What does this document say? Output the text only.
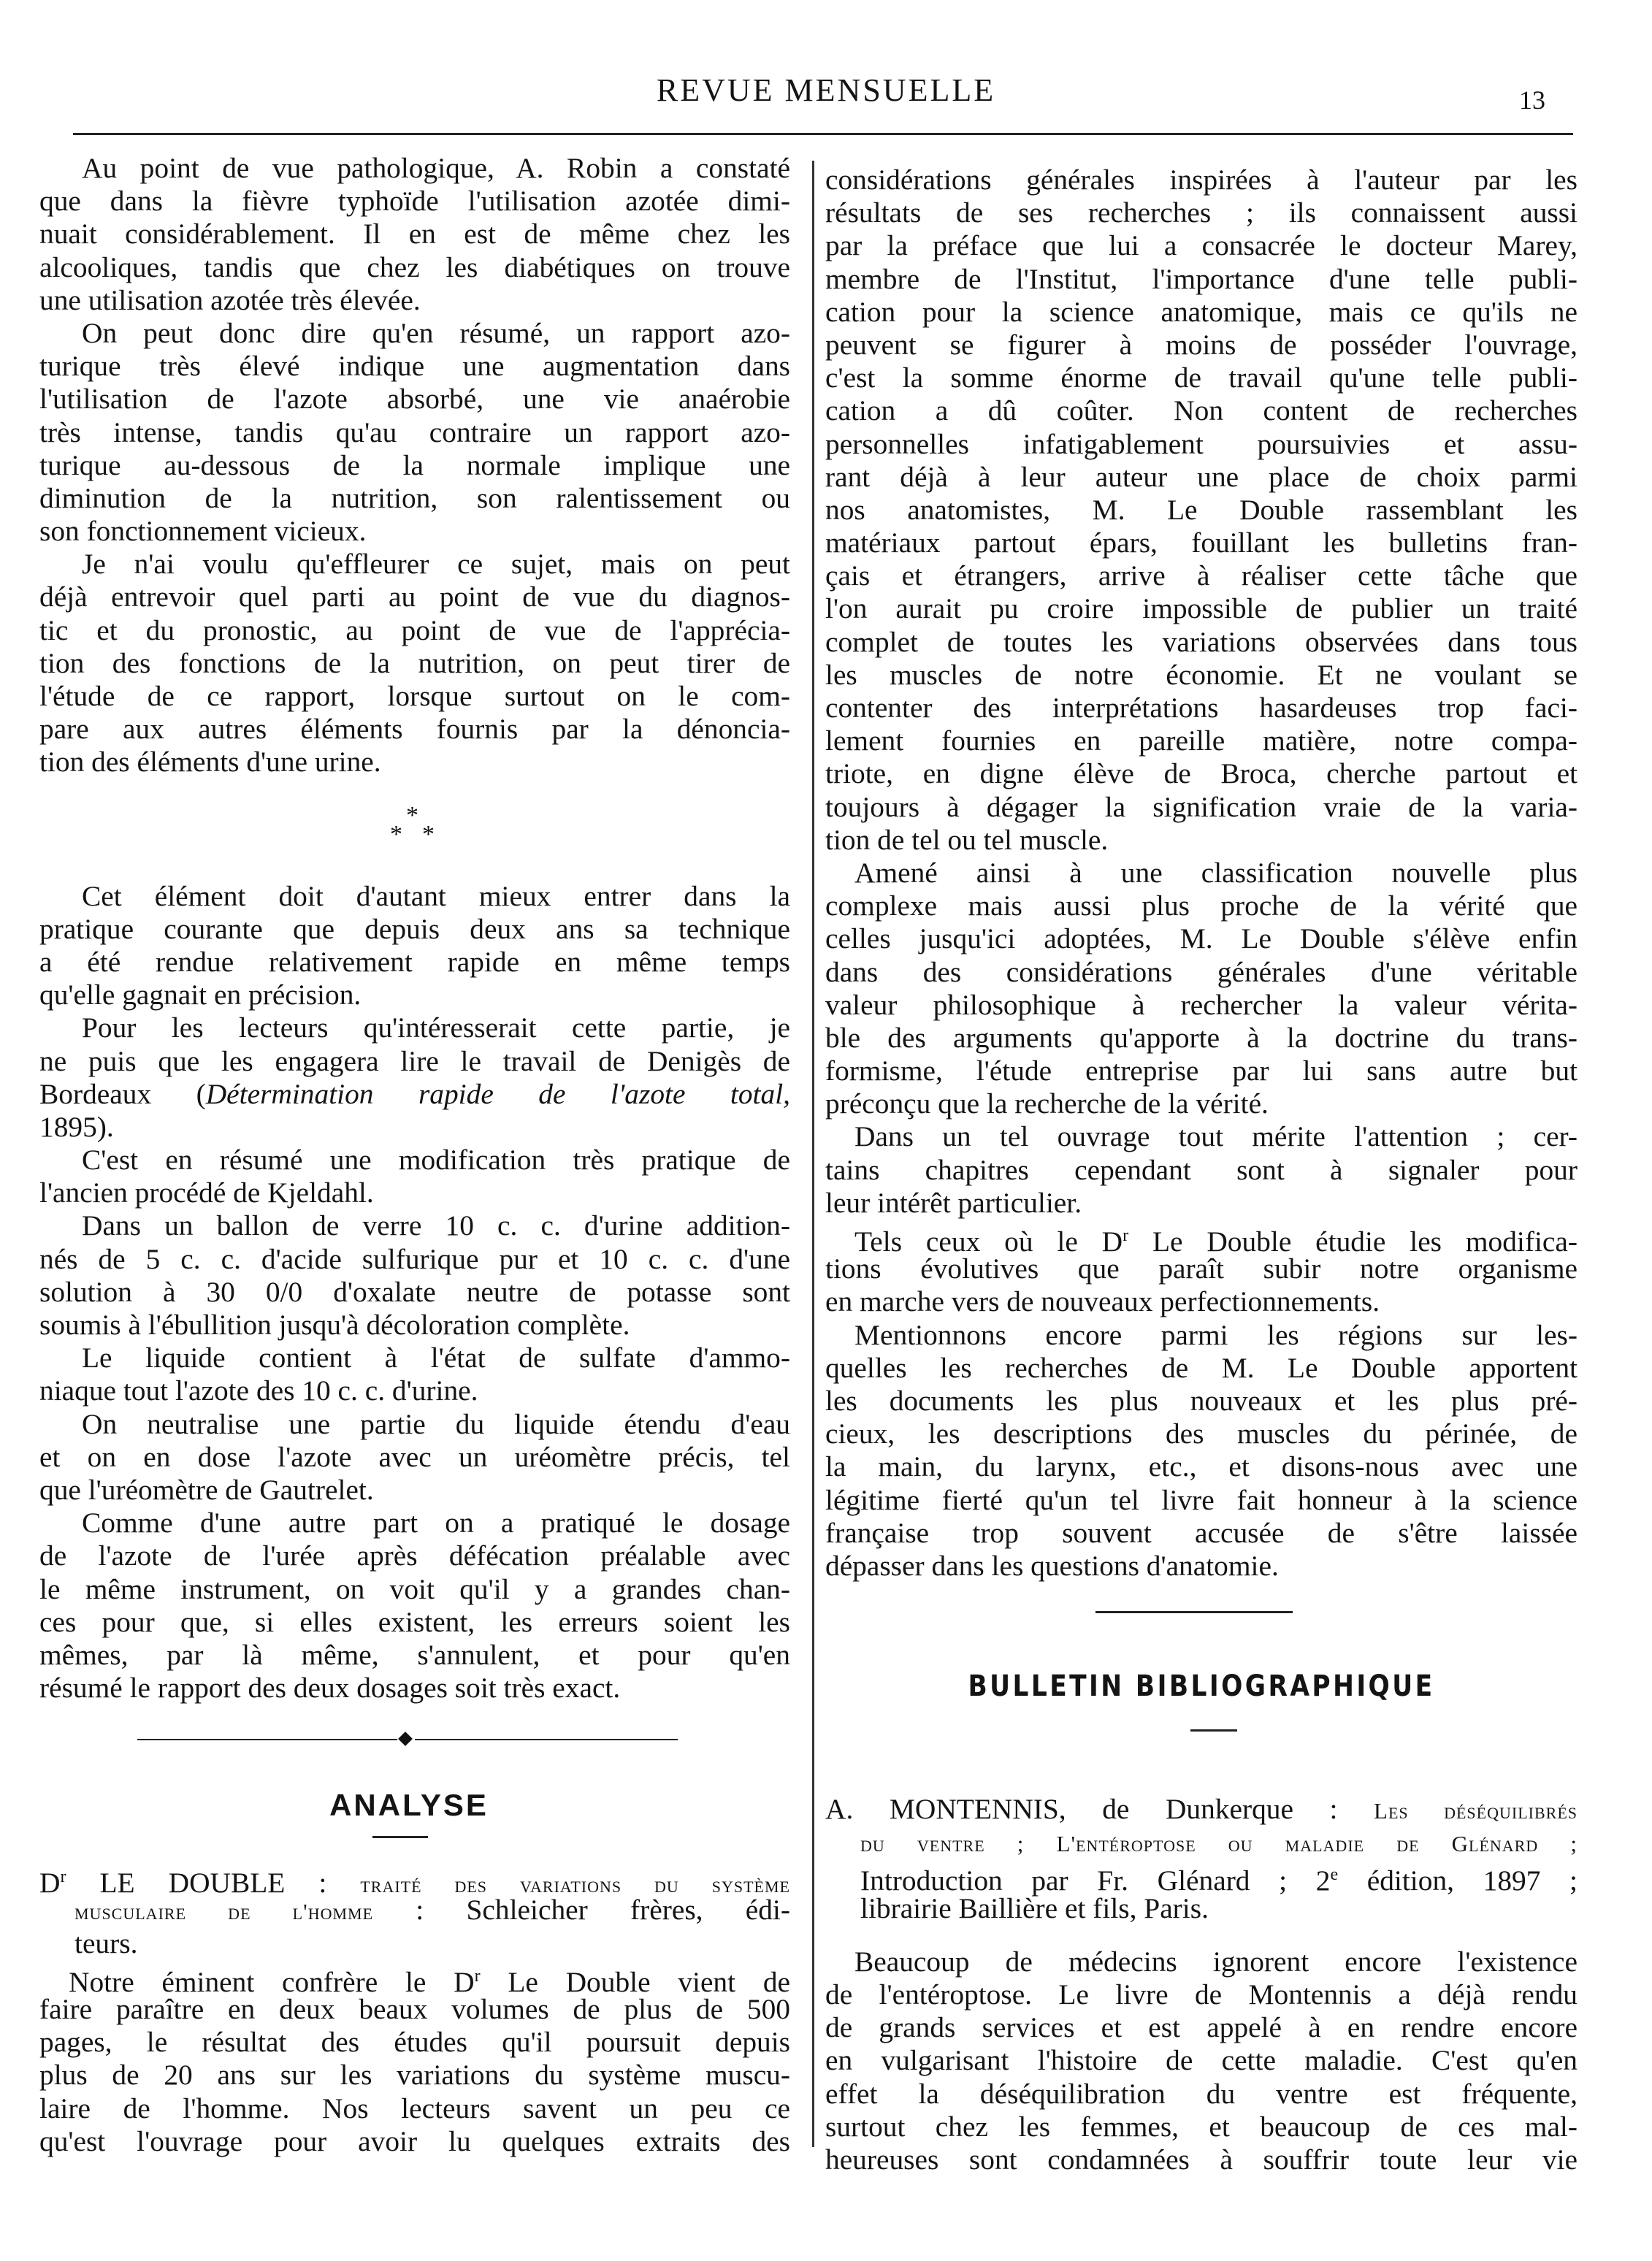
REVUE MENSUELLE	13
Au point de vue pathologique, A. Robin a constaté
que dans la fièvre typhoïde l'utilisation azotée dimi-
nuait considérablement. Il en est de même chez les
alcooliques, tandis que chez les diabétiques on trouve
une utilisation azotée très élevée.
On peut donc dire qu'en résumé, un rapport azo-
turique très élevé indique une augmentation dans
l'utilisation de l'azote absorbé, une vie anaérobie
très intense, tandis qu'au contraire un rapport azo-
turique au-dessous de la normale implique une
diminution de la nutrition, son ralentissement ou
son fonctionnement vicieux.
Je n'ai voulu qu'effleurer ce sujet, mais on peut
déjà entrevoir quel parti au point de vue du diagnos-
tic et du pronostic, au point de vue de l'apprécia-
tion des fonctions de la nutrition, on peut tirer de
l'étude de ce rapport, lorsque surtout on le com-
pare aux autres éléments fournis par la dénoncia-
tion des éléments d'une urine.
Cet élément doit d'autant mieux entrer dans la
pratique courante que depuis deux ans sa technique
a été rendue relativement rapide en même temps
qu'elle gagnait en précision.
Pour les lecteurs qu'intéresserait cette partie, je
ne puis que les engagera lire le travail de Denigès de
Bordeaux (Détermination rapide de l'azote total,
1895).
C'est en résumé une modification très pratique de
l'ancien procédé de Kjeldahl.
Dans un ballon de verre 10 c. c. d'urine addition-
nés de 5 c. c. d'acide sulfurique pur et 10 c. c. d'une
solution à 30 0/0 d'oxalate neutre de potasse sont
soumis à l'ébullition jusqu'à décoloration complète.
Le liquide contient à l'état de sulfate d'ammo-
niaque tout l'azote des 10 c. c. d'urine.
On neutralise une partie du liquide étendu d'eau
et on en dose l'azote avec un uréomètre précis, tel
que l'uréomètre de Gautrelet.
Comme d'une autre part on a pratiqué le dosage
de l'azote de l'urée après défécation préalable avec
le même instrument, on voit qu'il y a grandes chan-
ces pour que, si elles existent, les erreurs soient les
mêmes, par là même, s'annulent, et pour qu'en
résumé le rapport des deux dosages soit très exact.
$D^r$ LE DOUBLE : traité des variations du système
musculaire de l'homme : Schleicher frères, édi-
teurs.
Notre éminent confrère le $D^r$ Le Double vient de
faire paraître en deux beaux volumes de plus de 500
pages, le résultat des études qu'il poursuit depuis
plus de 20 ans sur les variations du système muscu-
laire de l'homme. Nos lecteurs savent un peu ce
qu'est l'ouvrage pour avoir lu quelques extraits des
*
* *
ANALYSE
considérations générales inspirées à l'auteur par les
résultats de ses recherches ; ils connaissent aussi
par la préface que lui a consacrée le docteur Marey,
membre de l'Institut, l'importance d'une telle publi-
cation pour la science anatomique, mais ce qu'ils ne
peuvent se figurer à moins de posséder l'ouvrage,
c'est la somme énorme de travail qu'une telle publi-
cation a dû coûter. Non content de recherches
personnelles infatigablement poursuivies et assu-
rant déjà à leur auteur une place de choix parmi
nos anatomistes, M. Le Double rassemblant les
matériaux partout épars, fouillant les bulletins fran-
çais et étrangers, arrive à réaliser cette tâche que
l'on aurait pu croire impossible de publier un traité
complet de toutes les variations observées dans tous
les muscles de notre économie. Et ne voulant se
contenter des interprétations hasardeuses trop faci-
lement fournies en pareille matière, notre compa-
triote, en digne élève de Broca, cherche partout et
toujours à dégager la signification vraie de la varia-
tion de tel ou tel muscle.
Amené ainsi à une classification nouvelle plus
complexe mais aussi plus proche de la vérité que
celles jusqu'ici adoptées, M. Le Double s'élève enfin
dans des considérations générales d'une véritable
valeur philosophique à rechercher la valeur vérita-
ble des arguments qu'apporte à la doctrine du trans-
formisme, l'étude entreprise par lui sans autre but
préconçu que la recherche de la vérité.
Dans un tel ouvrage tout mérite l'attention ; cer-
tains chapitres cependant sont à signaler pour
leur intérêt particulier.
Tels ceux où le $D^r$ Le Double étudie les modifica-
tions évolutives que paraît subir notre organisme
en marche vers de nouveaux perfectionnements.
Mentionnons encore parmi les régions sur les-
quelles les recherches de M. Le Double apportent
les documents les plus nouveaux et les plus pré-
cieux, les descriptions des muscles du périnée, de
la main, du larynx, etc., et disons-nous avec une
légitime fierté qu'un tel livre fait honneur à la science
française trop souvent accusée de s'être laissée
dépasser dans les questions d'anatomie.
A. MONTENNIS, de Dunkerque : Les déséquilibrés
du ventre ; L'entéroptose ou maladie de Glénard ;
Introduction par Fr. Glénard ; 2e édition, 1897 ;
librairie Baillière et fils, Paris.
Beaucoup de médecins ignorent encore l'existence
de l'entéroptose. Le livre de Montennis a déjà rendu
de grands services et est appelé à en rendre encore
en vulgarisant l'histoire de cette maladie. C'est qu'en
effet la déséquilibration du ventre est fréquente,
surtout chez les femmes, et beaucoup de ces mal-
heureuses sont condamnées à souffrir toute leur vie
BULLETIN BIBLIOGRAPHIQUE
